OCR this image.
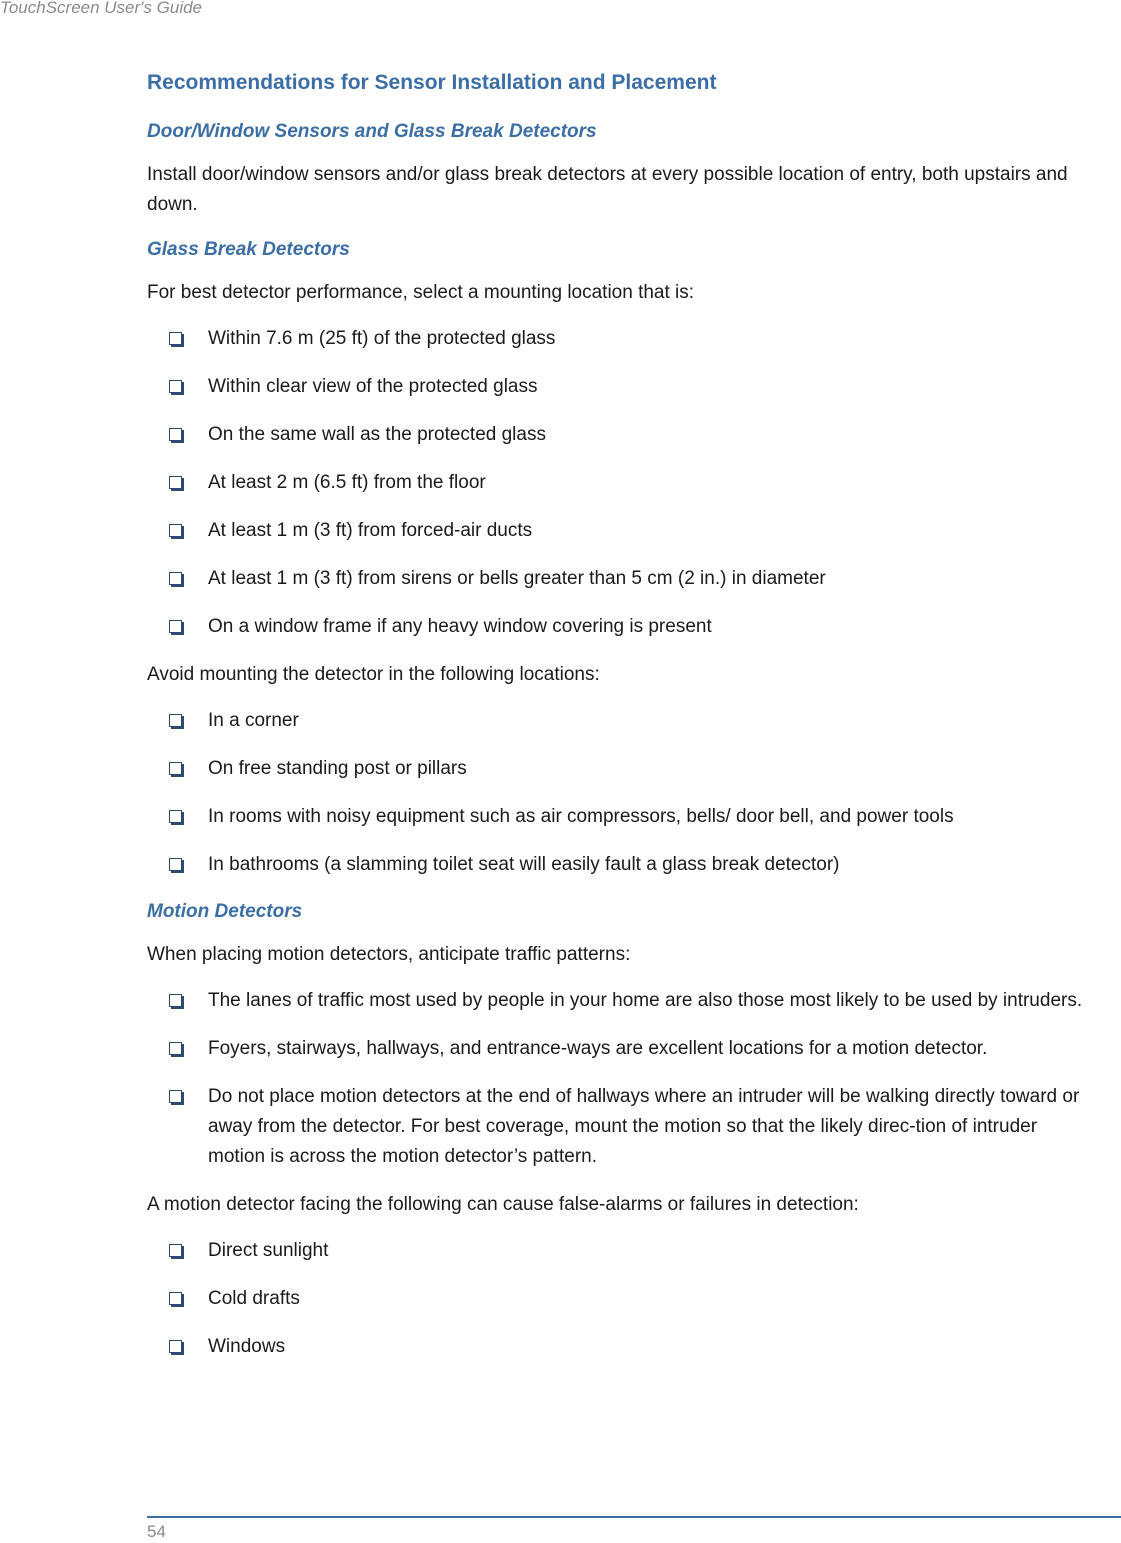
TouchScreen User's Guide
Recommendations for Sensor Installation and Placement
Door/Window Sensors and Glass Break Detectors

Install door/window sensors and/or glass break detectors at every possible location of entry, both upstairs and down.

Glass Break Detectors

For best detector performance, select a mounting location that is:

Within 7.6 m (25 ft) of the protected glass
Within clear view of the protected glass
On the same wall as the protected glass
At least 2 m (6.5 ft) from the floor
At least 1 m (3 ft) from forced-air ducts
At least 1 m (3 ft) from sirens or bells greater than 5 cm (2 in.) in diameter
On a window frame if any heavy window covering is present

Avoid mounting the detector in the following locations:

In a corner
On free standing post or pillars
In rooms with noisy equipment such as air compressors, bells/ door bell, and power tools
In bathrooms (a slamming toilet seat will easily fault a glass break detector)
Motion Detectors

When placing motion detectors, anticipate traffic patterns:

The lanes of traffic most used by people in your home are also those most likely to be used by intruders.
Foyers, stairways, hallways, and entrance-ways are excellent locations for a motion detector.
Do not place motion detectors at the end of hallways where an intruder will be walking directly toward or away from the detector. For best coverage, mount the motion so that the likely direc-tion of intruder motion is across the motion detector’s pattern.

A motion detector facing the following can cause false-alarms or failures in detection:

Direct sunlight
Cold drafts
Windows
54
